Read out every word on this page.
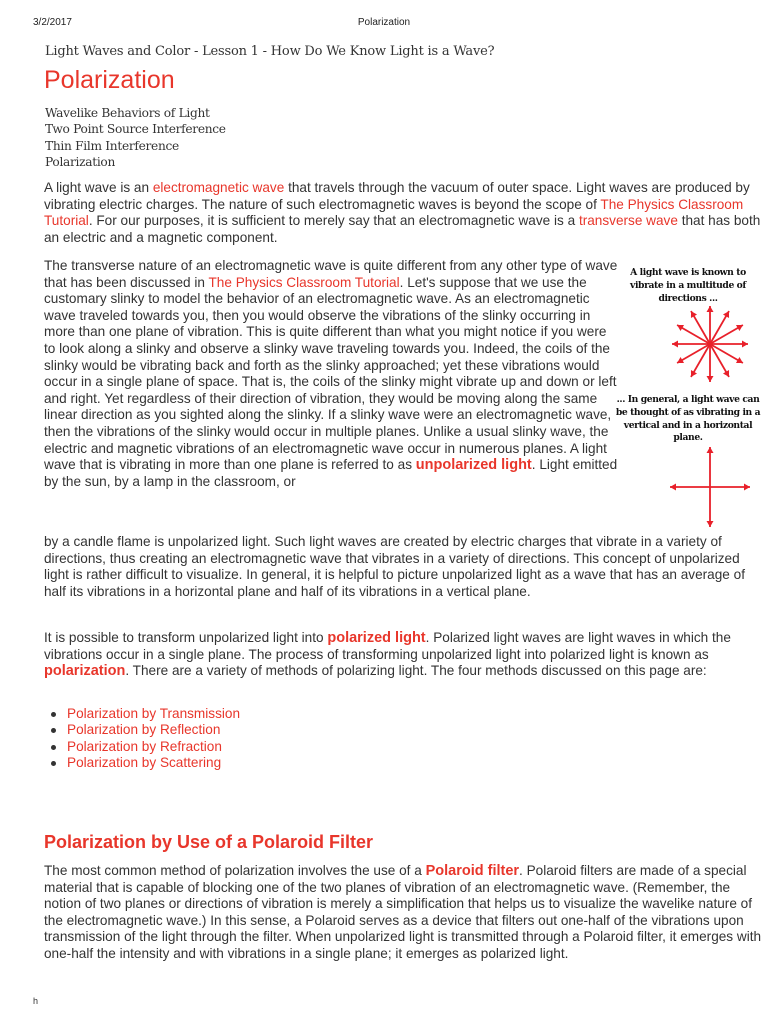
3/2/2017	Polarization
Light Waves and Color - Lesson 1 - How Do We Know Light is a Wave?
Polarization
Wavelike Behaviors of Light
Two Point Source Interference
Thin Film Interference
Polarization
A light wave is an electromagnetic wave that travels through the vacuum of outer space. Light waves are produced by vibrating electric charges. The nature of such electromagnetic waves is beyond the scope of The Physics Classroom Tutorial. For our purposes, it is sufficient to merely say that an electromagnetic wave is a transverse wave that has both an electric and a magnetic component.
The transverse nature of an electromagnetic wave is quite different from any other type of wave that has been discussed in The Physics Classroom Tutorial. Let's suppose that we use the customary slinky to model the behavior of an electromagnetic wave. As an electromagnetic wave traveled towards you, then you would observe the vibrations of the slinky occurring in more than one plane of vibration. This is quite different than what you might notice if you were to look along a slinky and observe a slinky wave traveling towards you. Indeed, the coils of the slinky would be vibrating back and forth as the slinky approached; yet these vibrations would occur in a single plane of space. That is, the coils of the slinky might vibrate up and down or left and right. Yet regardless of their direction of vibration, they would be moving along the same linear direction as you sighted along the slinky. If a slinky wave were an electromagnetic wave, then the vibrations of the slinky would occur in multiple planes. Unlike a usual slinky wave, the electric and magnetic vibrations of an electromagnetic wave occur in numerous planes. A light wave that is vibrating in more than one plane is referred to as unpolarized light. Light emitted by the sun, by a lamp in the classroom, or
by a candle flame is unpolarized light. Such light waves are created by electric charges that vibrate in a variety of directions, thus creating an electromagnetic wave that vibrates in a variety of directions. This concept of unpolarized light is rather difficult to visualize. In general, it is helpful to picture unpolarized light as a wave that has an average of half its vibrations in a horizontal plane and half of its vibrations in a vertical plane.
A light wave is known to vibrate in a multitude of directions ...
... In general, a light wave can be thought of as vibrating in a vertical and in a horizontal plane.
It is possible to transform unpolarized light into polarized light. Polarized light waves are light waves in which the vibrations occur in a single plane. The process of transforming unpolarized light into polarized light is known as polarization. There are a variety of methods of polarizing light. The four methods discussed on this page are:
Polarization by Transmission
Polarization by Reflection
Polarization by Refraction
Polarization by Scattering
Polarization by Use of a Polaroid Filter
The most common method of polarization involves the use of a Polaroid filter. Polaroid filters are made of a special material that is capable of blocking one of the two planes of vibration of an electromagnetic wave. (Remember, the notion of two planes or directions of vibration is merely a simplification that helps us to visualize the wavelike nature of the electromagnetic wave.) In this sense, a Polaroid serves as a device that filters out one-half of the vibrations upon transmission of the light through the filter. When unpolarized light is transmitted through a Polaroid filter, it emerges with one-half the intensity and with vibrations in a single plane; it emerges as polarized light.
h
